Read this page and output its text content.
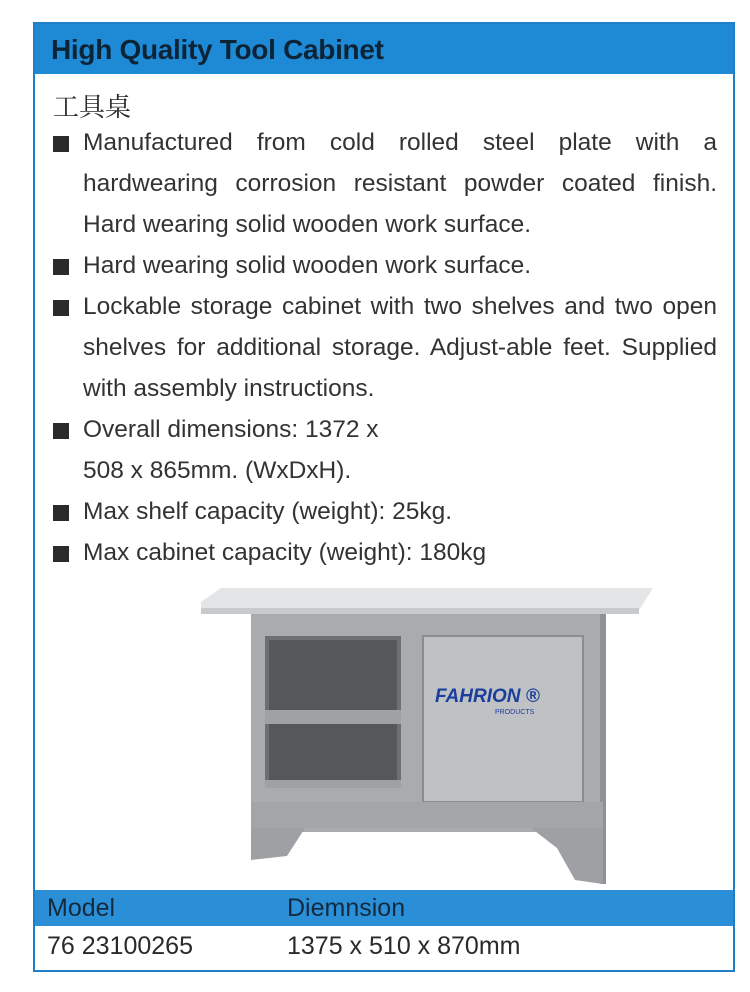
High Quality Tool Cabinet
工具桌
Manufactured from cold rolled steel plate with a hardwearing corrosion resistant powder coated finish. Hard wearing solid wooden work surface.
Hard wearing solid wooden work surface.
Lockable storage cabinet with two shelves and two open shelves for additional storage. Adjust-able feet. Supplied with assembly instructions.
Overall dimensions: 1372 x 508 x 865mm. (WxDxH).
Max shelf capacity (weight): 25kg.
Max cabinet capacity (weight): 180kg
FAHRION ®
PRODUCTS
Model	Diemnsion
76 23100265	1375 x 510 x 870mm
